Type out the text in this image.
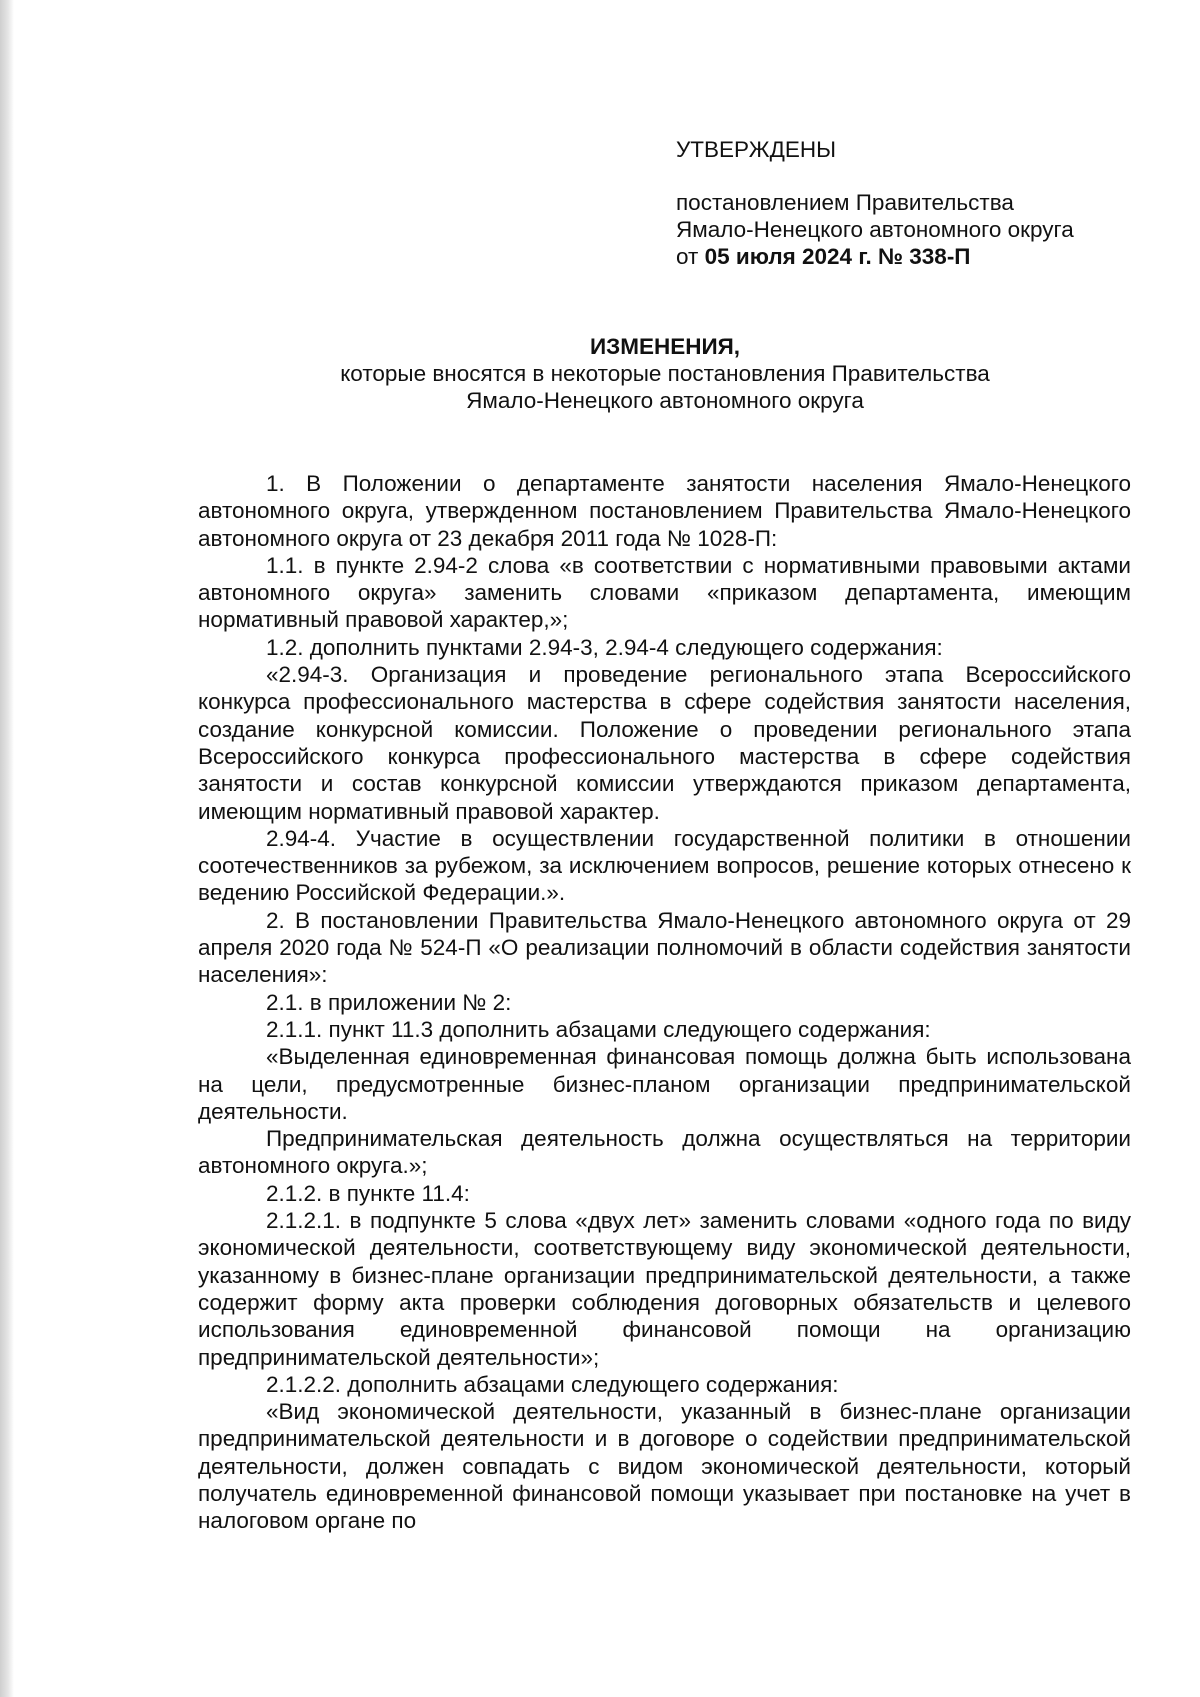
УТВЕРЖДЕНЫ
постановлением Правительства
Ямало-Ненецкого автономного округа
от 05 июля 2024 г. № 338-П
ИЗМЕНЕНИЯ,
которые вносятся в некоторые постановления Правительства
Ямало-Ненецкого автономного округа

1. В Положении о департаменте занятости населения Ямало-Ненецкого автономного округа, утвержденном постановлением Правительства Ямало-Ненецкого автономного округа от 23 декабря 2011 года № 1028-П:

1.1. в пункте 2.94-2 слова «в соответствии с нормативными правовыми актами автономного округа» заменить словами «приказом департамента, имеющим нормативный правовой характер,»;

1.2. дополнить пунктами 2.94-3, 2.94-4 следующего содержания:

«2.94-3. Организация и проведение регионального этапа Всероссийского конкурса профессионального мастерства в сфере содействия занятости населения, создание конкурсной комиссии. Положение о проведении регионального этапа Всероссийского конкурса профессионального мастерства в сфере содействия занятости и состав конкурсной комиссии утверждаются приказом департамента, имеющим нормативный правовой характер.

2.94-4. Участие в осуществлении государственной политики в отношении соотечественников за рубежом, за исключением вопросов, решение которых отнесено к ведению Российской Федерации.».

2. В постановлении Правительства Ямало-Ненецкого автономного округа от 29 апреля 2020 года № 524-П «О реализации полномочий в области содействия занятости населения»:

2.1. в приложении № 2:

2.1.1. пункт 11.3 дополнить абзацами следующего содержания:

«Выделенная единовременная финансовая помощь должна быть использована на цели, предусмотренные бизнес-планом организации предпринимательской деятельности.

Предпринимательская деятельность должна осуществляться на территории автономного округа.»;

2.1.2. в пункте 11.4:

2.1.2.1. в подпункте 5 слова «двух лет» заменить словами «одного года по виду экономической деятельности, соответствующему виду экономической деятельности, указанному в бизнес-плане организации предпринимательской деятельности, а также содержит форму акта проверки соблюдения договорных обязательств и целевого использования единовременной финансовой помощи на организацию предпринимательской деятельности»;

2.1.2.2. дополнить абзацами следующего содержания:

«Вид экономической деятельности, указанный в бизнес-плане организации предпринимательской деятельности и в договоре о содействии предпринимательской деятельности, должен совпадать с видом экономической деятельности, который получатель единовременной финансовой помощи указывает при постановке на учет в налоговом органе по
